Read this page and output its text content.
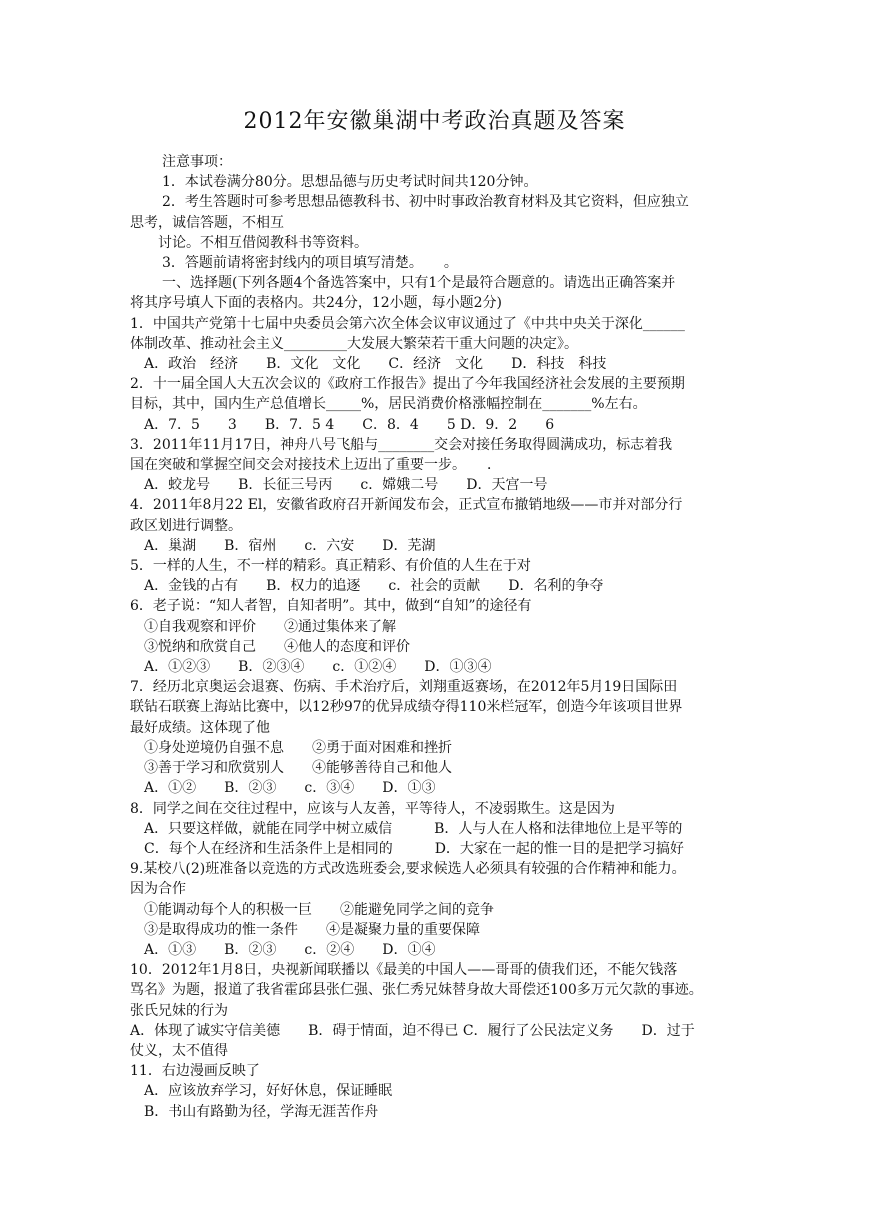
2012年安徽巢湖中考政治真题及答案
注意事项：
1．本试卷满分80分。思想品德与历史考试时间共120分钟。
2．考生答题时可参考思想品德教科书、初中时事政治教育材料及其它资料，但应独立
思考，诚信答题，不相互
讨论。不相互借阅教科书等资料。
3．答题前请将密封线内的项目填写清楚。　　。
一、选择题(下列各题4个备选答案中，只有1个是最符合题意的。请选出正确答案并
将其序号填人下面的表格内。共24分，12小题，每小题2分)
1．中国共产党第十七届中央委员会第六次全体会议审议通过了《中共中央关于深化______
体制改革、推动社会主义_________大发展大繁荣若干重大问题的决定》。
A．政治　经济　　B．文化　文化　　C．经济　文化　　D．科技　科技
2．十一届全国人大五次会议的《政府工作报告》提出了今年我国经济社会发展的主要预期
目标，其中，国内生产总值增长_____%，居民消费价格涨幅控制在_______%左右。
A．7．5　　3　　B．7．5 4　　C．8．4　　5 D．9．2　　6
3．2011年11月17日，神舟八号飞船与________交会对接任务取得圆满成功，标志着我
国在突破和掌握空间交会对接技术上迈出了重要一步。　　．
A．蛟龙号　　B．长征三号丙　　c．嫦娥二号　　D．天宫一号
4．2011年8月22 El，安徽省政府召开新闻发布会，正式宣布撤销地级——市并对部分行
政区划进行调整。
A．巢湖　　B．宿州　　c．六安　　D．芜湖
5．一样的人生，不一样的精彩。真正精彩、有价值的人生在于对
A．金钱的占有　　B．权力的追逐　　c．社会的贡献　　D．名利的争夺
6．老子说：“知人者智，自知者明”。其中，做到“自知”的途径有
①自我观察和评价　　②通过集体来了解
③悦纳和欣赏自己　　④他人的态度和评价
A．①②③　　B．②③④　　c．①②④　　D．①③④
7．经历北京奥运会退赛、伤病、手术治疗后，刘翔重返赛场，在2012年5月19日国际田
联钻石联赛上海站比赛中，以12秒97的优异成绩夺得110米栏冠军，创造今年该项目世界
最好成绩。这体现了他
①身处逆境仍自强不息　　②勇于面对困难和挫折
③善于学习和欣赏别人　　④能够善待自己和他人
A．①②　　B．②③　　c．③④　　D．①③
8．同学之间在交往过程中，应该与人友善，平等待人，不凌弱欺生。这是因为
A．只要这样做，就能在同学中树立威信　　　B．人与人在人格和法律地位上是平等的
C．每个人在经济和生活条件上是相同的　　　D．大家在一起的惟一目的是把学习搞好
9.某校八(2)班准备以竞选的方式改选班委会,要求候选人必须具有较强的合作精神和能力。
因为合作
①能调动每个人的积极一巨　　②能避免同学之间的竞争
③是取得成功的惟一条件　　④是凝聚力量的重要保障
A．①③　　B．②③　　c．②④　　D．①④
10．2012年1月8日，央视新闻联播以《最美的中国人——哥哥的债我们还，不能欠钱落
骂名》为题，报道了我省霍邱县张仁强、张仁秀兄妹替身故大哥偿还100多万元欠款的事迹。
张氏兄妹的行为
A．体现了诚实守信美德　　B．碍于情面，迫不得已 C．履行了公民法定义务　　D．过于
仗义，太不值得
11．右边漫画反映了
A．应该放弃学习，好好休息，保证睡眠
B．书山有路勤为径，学海无涯苦作舟
